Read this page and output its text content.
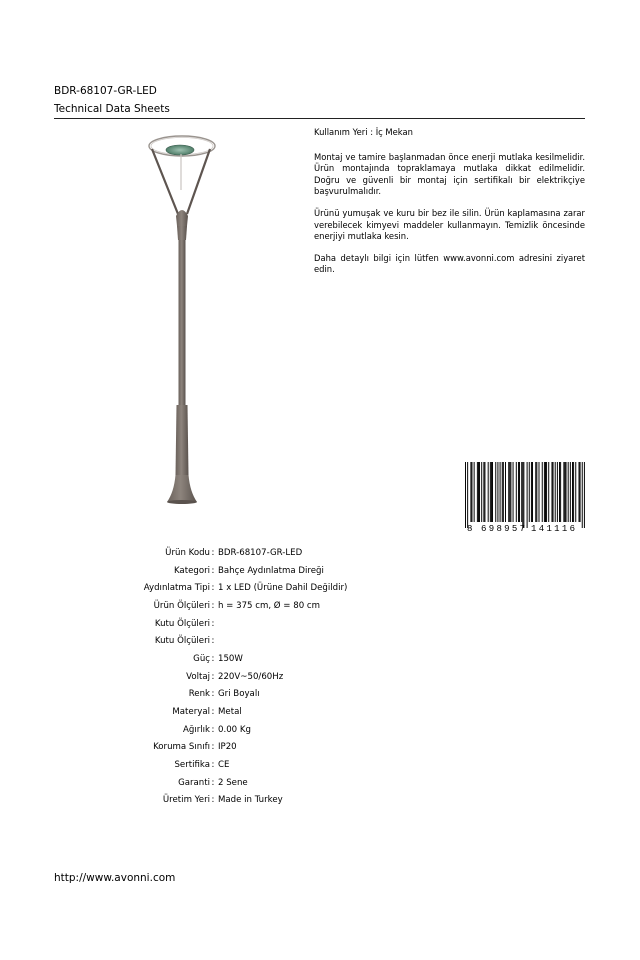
BDR-68107-GR-LED
Technical Data Sheets

Kullanım Yeri : İç Mekan

Montaj ve tamire başlanmadan önce enerji mutlaka kesilmelidir. Ürün montajında topraklamaya mutlaka dikkat edilmelidir. Doğru ve güvenli bir montaj için sertifikalı bir elektrikçiye başvurulmalıdır.

Ürünü yumuşak ve kuru bir bez ile silin. Ürün kaplamasına zarar verebilecek kimyevi maddeler kullanmayın. Temizlik öncesinde enerjiyi mutlaka kesin.

Daha detaylı bilgi için lütfen www.avonni.com adresini ziyaret edin.

8 698957 141116
Ürün Kodu : BDR-68107-GR-LED
Kategori : Bahçe Aydınlatma Direği
Aydınlatma Tipi : 1 x LED (Ürüne Dahil Değildir)
Ürün Ölçüleri : h = 375 cm, Ø = 80 cm
Kutu Ölçüleri :
Kutu Ölçüleri :
Güç : 150W
Voltaj : 220V~50/60Hz
Renk : Gri Boyalı
Materyal : Metal
Ağırlık : 0.00 Kg
Koruma Sınıfı : IP20
Sertifika : CE
Garanti : 2 Sene
Üretim Yeri : Made in Turkey
http://www.avonni.com
